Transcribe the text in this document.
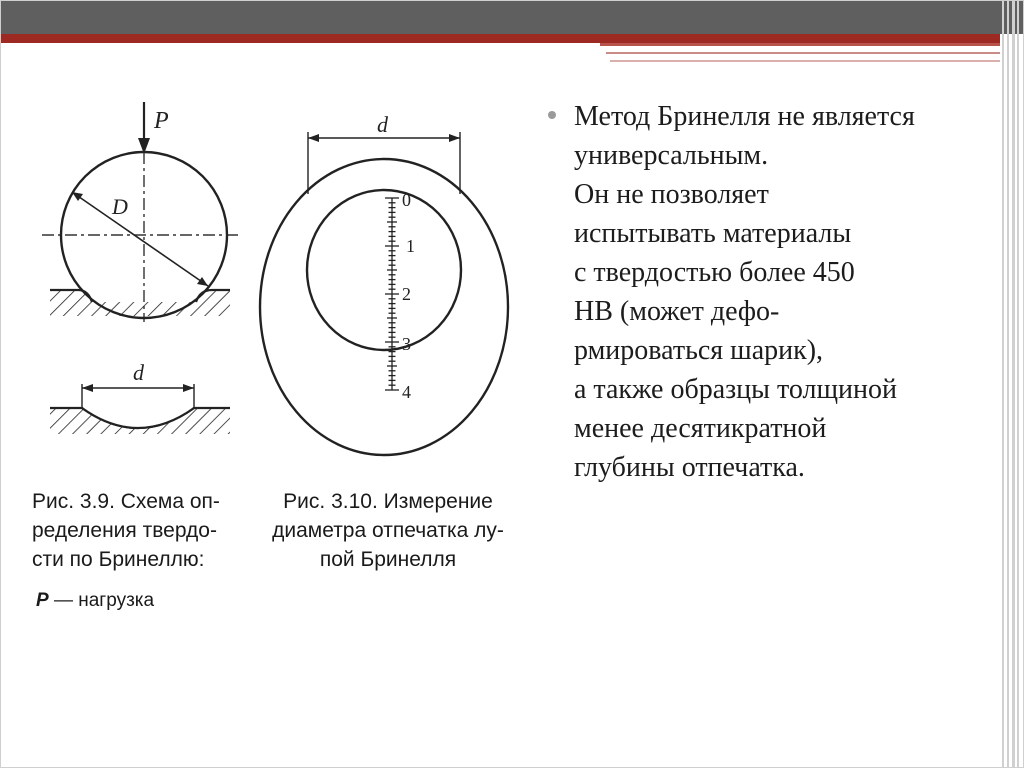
P
D
d
d
0
1
2
3
4
Рис. 3.9. Схема оп-
ределения твердо-
сти по Бринеллю:
P — нагрузка
Рис. 3.10. Измерение
диаметра отпечатка лу-
пой Бринелля
Метод Бринелля не является
универсальным.
Он не позволяет
испытывать материалы
с твердостью более 450
НВ (может дефо-
рмироваться шарик),
а также образцы толщиной
менее десятикратной
глубины отпечатка.
